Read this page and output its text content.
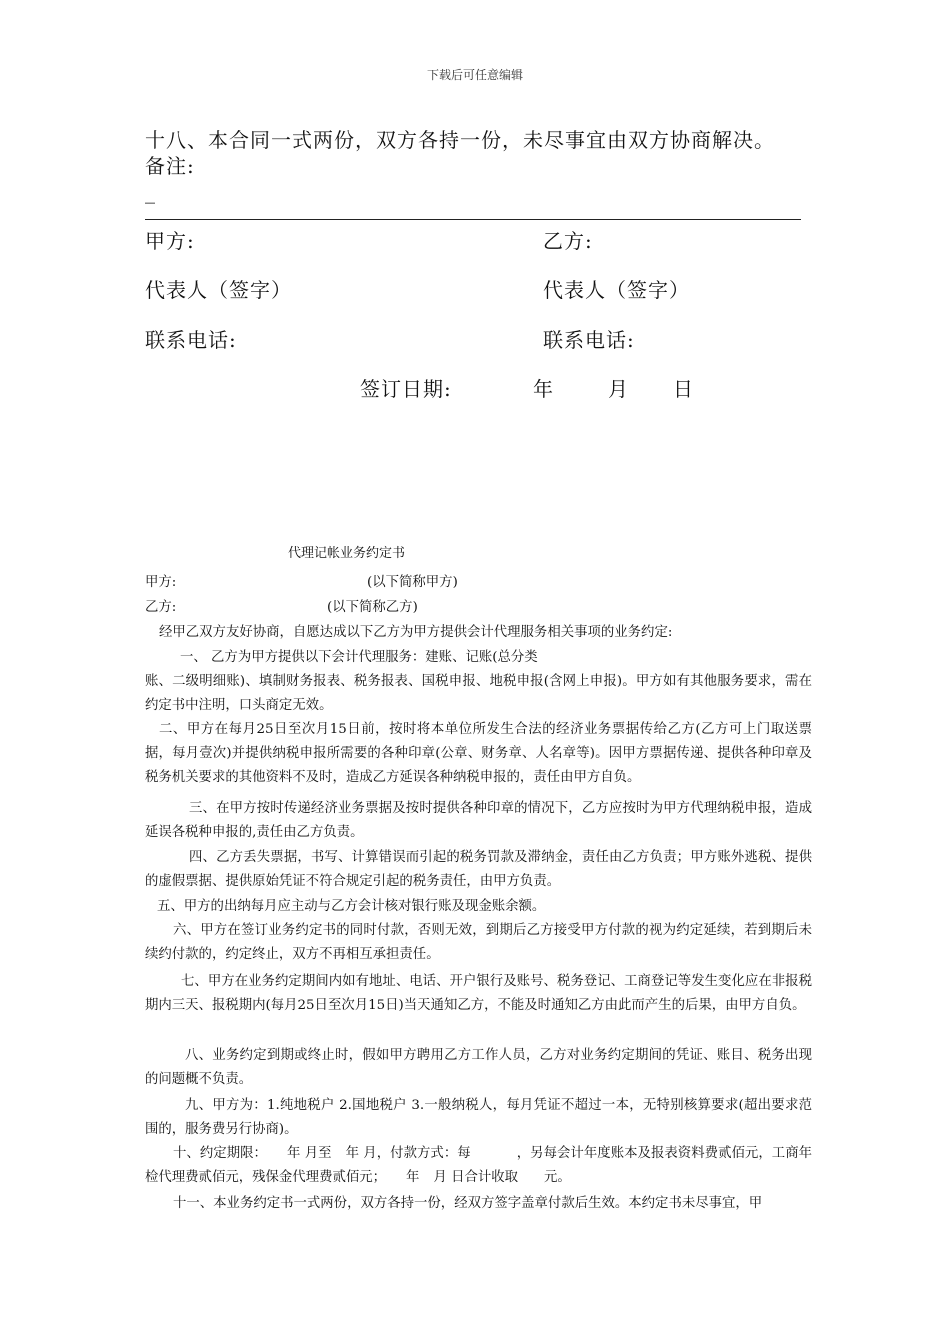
下载后可任意编辑
十八、本合同一式两份，双方各持一份，未尽事宜由双方协商解决。
备注:
_
甲方:	乙方:
代表人（签字）	代表人（签字）
联系电话:	联系电话:
签订日期:	年	月 日
代理记帐业务约定书
甲方:	(以下简称甲方)
乙方:	(以下简称乙方)
经甲乙双方友好协商，自愿达成以下乙方为甲方提供会计代理服务相关事项的业务约定:
一、 乙方为甲方提供以下会计代理服务：建账、记账(总分类
账、二级明细账)、填制财务报表、税务报表、国税申报、地税申报(含网上申报)。甲方如有其他服务要求，需在约定书中注明，口头商定无效。
二、甲方在每月25日至次月15日前，按时将本单位所发生合法的经济业务票据传给乙方(乙方可上门取送票据，每月壹次)并提供纳税申报所需要的各种印章(公章、财务章、人名章等)。因甲方票据传递、提供各种印章及税务机关要求的其他资料不及时，造成乙方延误各种纳税申报的，责任由甲方自负。
三、在甲方按时传递经济业务票据及按时提供各种印章的情况下，乙方应按时为甲方代理纳税申报，造成延误各税种申报的,责任由乙方负责。
四、乙方丢失票据，书写、计算错误而引起的税务罚款及滞纳金，责任由乙方负责；甲方账外逃税、提供的虚假票据、提供原始凭证不符合规定引起的税务责任，由甲方负责。
五、甲方的出纳每月应主动与乙方会计核对银行账及现金账余额。
六、甲方在签订业务约定书的同时付款，否则无效，到期后乙方接受甲方付款的视为约定延续，若到期后未续约付款的，约定终止，双方不再相互承担责任。
七、甲方在业务约定期间内如有地址、电话、开户银行及账号、税务登记、工商登记等发生变化应在非报税期内三天、报税期内(每月25日至次月15日)当天通知乙方，不能及时通知乙方由此而产生的后果，由甲方自负。
八、业务约定到期或终止时，假如甲方聘用乙方工作人员，乙方对业务约定期间的凭证、账目、税务出现的问题概不负责。
九、甲方为：1.纯地税户 2.国地税户 3.一般纳税人，每月凭证不超过一本，无特别核算要求(超出要求范围的，服务费另行协商)。
十、约定期限： 年 月至 年 月，付款方式：每	，另每会计年度账本及报表资料费贰佰元，工商年检代理费贰佰元，残保金代理费贰佰元； 年 月 日合计收取 元。
十一、本业务约定书一式两份，双方各持一份，经双方签字盖章付款后生效。本约定书未尽事宜，甲
